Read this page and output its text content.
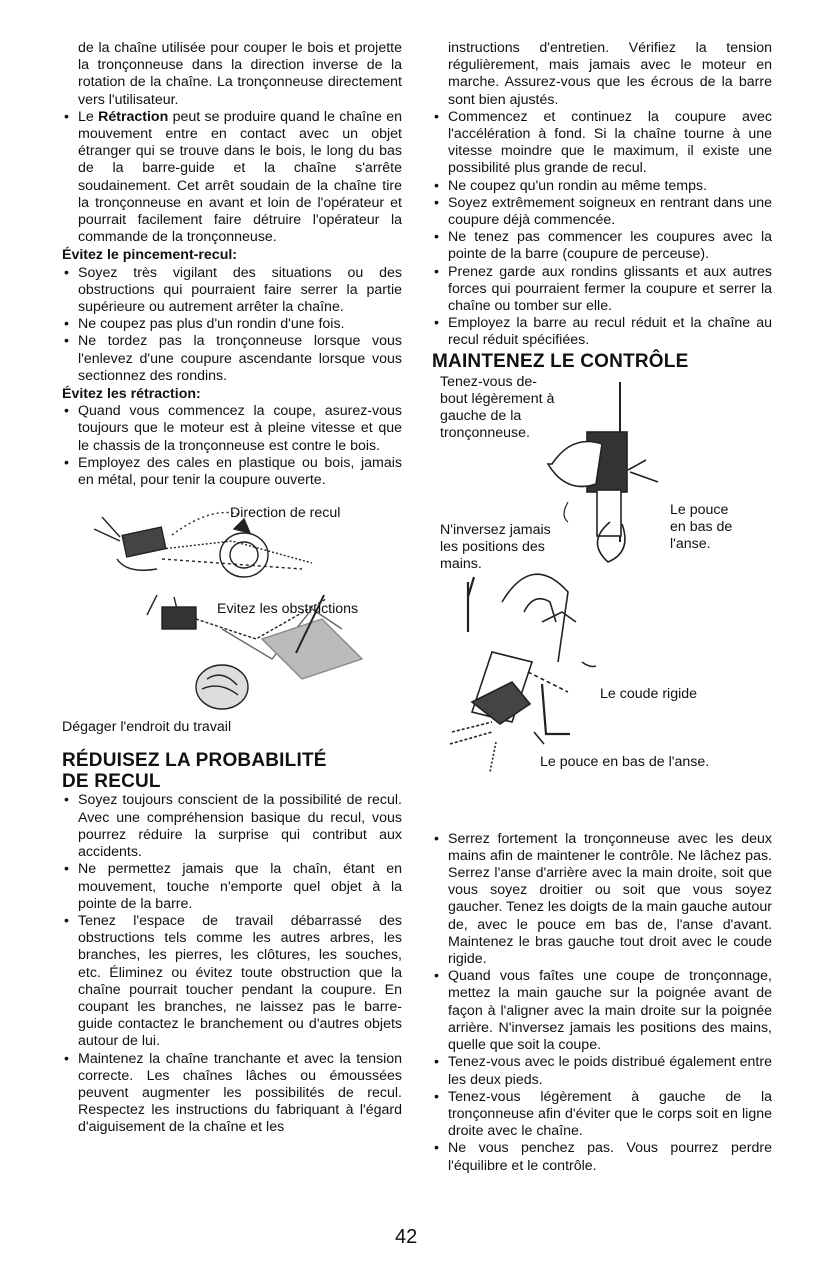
de la chaîne utilisée pour couper le bois et projette la tronçonneuse dans la direction inverse de la rotation de la chaîne. La tronçonneuse directement vers l'utilisateur.

• Le Rétraction peut se produire quand le chaîne en mouvement entre en contact avec un objet étranger qui se trouve dans le bois, le long du bas de la barre-guide et la chaîne s'arrête soudainement. Cet arrêt soudain de la chaîne tire la tronçonneuse en avant et loin de l'opérateur et pourrait facilement faire détruire l'opérateur la commande de la tronçonneuse.

Évitez le pincement-recul:

• Soyez très vigilant des situations ou des obstructions qui pourraient faire serrer la partie supérieure ou autrement arrêter la chaîne.
• Ne coupez pas plus d'un rondin d'une fois.
• Ne tordez pas la tronçonneuse lorsque vous l'enlevez d'une coupure ascendante lorsque vous sectionnez des rondins.

Évitez les rétraction:

• Quand vous commencez la coupe, asurez-vous toujours que le moteur est à pleine vitesse et que le chassis de la tronçonneuse est contre le bois.
• Employez des cales en plastique ou bois, jamais en métal, pour tenir la coupure ouverte.
Direction de recul
Evitez les obstructions

Dégager l'endroit du travail

RÉDUISEZ LA PROBABILITÉ
DE RECUL
• Soyez toujours conscient de la possibilité de recul. Avec une compréhension basique du recul, vous pourrez réduire la surprise qui contribut aux accidents.
• Ne permettez jamais que la chaîn, étant en mouvement, touche n'emporte quel objet à la pointe de la barre.
• Tenez l'espace de travail débarrassé des obstructions tels comme les autres arbres, les branches, les pierres, les clôtures, les souches, etc. Éliminez ou évitez toute obstruction que la chaîne pourrait toucher pendant la coupure. En coupant les branches, ne laissez pas le barre-guide contactez le branchement ou d'autres objets autour de lui.
• Maintenez la chaîne tranchante et avec la tension correcte. Les chaînes lâches ou émoussées peuvent augmenter les possibilités de recul. Respectez les instructions du fabriquant à l'égard d'aiguisement de la chaîne et les

instructions d'entretien. Vérifiez la tension régulièrement, mais jamais avec le moteur en marche. Assurez-vous que les écrous de la barre sont bien ajustés.

• Commencez et continuez la coupure avec l'accélération à fond. Si la chaîne tourne à une vitesse moindre que le maximum, il existe une possibilité plus grande de recul.
• Ne coupez qu'un rondin au même temps.
• Soyez extrêmement soigneux en rentrant dans une coupure déjà commencée.
• Ne tenez pas commencer les coupures avec la pointe de la barre (coupure de perceuse).
• Prenez garde aux rondins glissants et aux autres forces qui pourraient fermer la coupure et serrer la chaîne ou tomber sur elle.
• Employez la barre au recul réduit et la chaîne au recul réduit spécifiées.
MAINTENEZ LE CONTRÔLE
Tenez-vous de-
bout légèrement à
gauche de la
tronçonneuse.
Le pouce
en bas de
l'anse.
N'inversez jamais
les positions des
mains.
Le coude rigide
Le pouce en bas de l'anse.
• Serrez fortement la tronçonneuse avec les deux mains afin de maintener le contrôle. Ne lâchez pas. Serrez l'anse d'arrière avec la main droite, soit que vous soyez droitier ou soit que vous soyez gaucher. Tenez les doigts de la main gauche autour de, avec le pouce em bas de, l'anse d'avant. Maintenez le bras gauche tout droit avec le coude rigide.
• Quand vous faîtes une coupe de tronçonnage, mettez la main gauche sur la poignée avant de façon à l'aligner avec la main droite sur la poignée arrière. N'inversez jamais les positions des mains, quelle que soit la coupe.
• Tenez-vous avec le poids distribué également entre les deux pieds.
• Tenez-vous légèrement à gauche de la tronçonneuse afin d'éviter que le corps soit en ligne droite avec le chaîne.
• Ne vous penchez pas. Vous pourrez perdre l'équilibre et le contrôle.
42
